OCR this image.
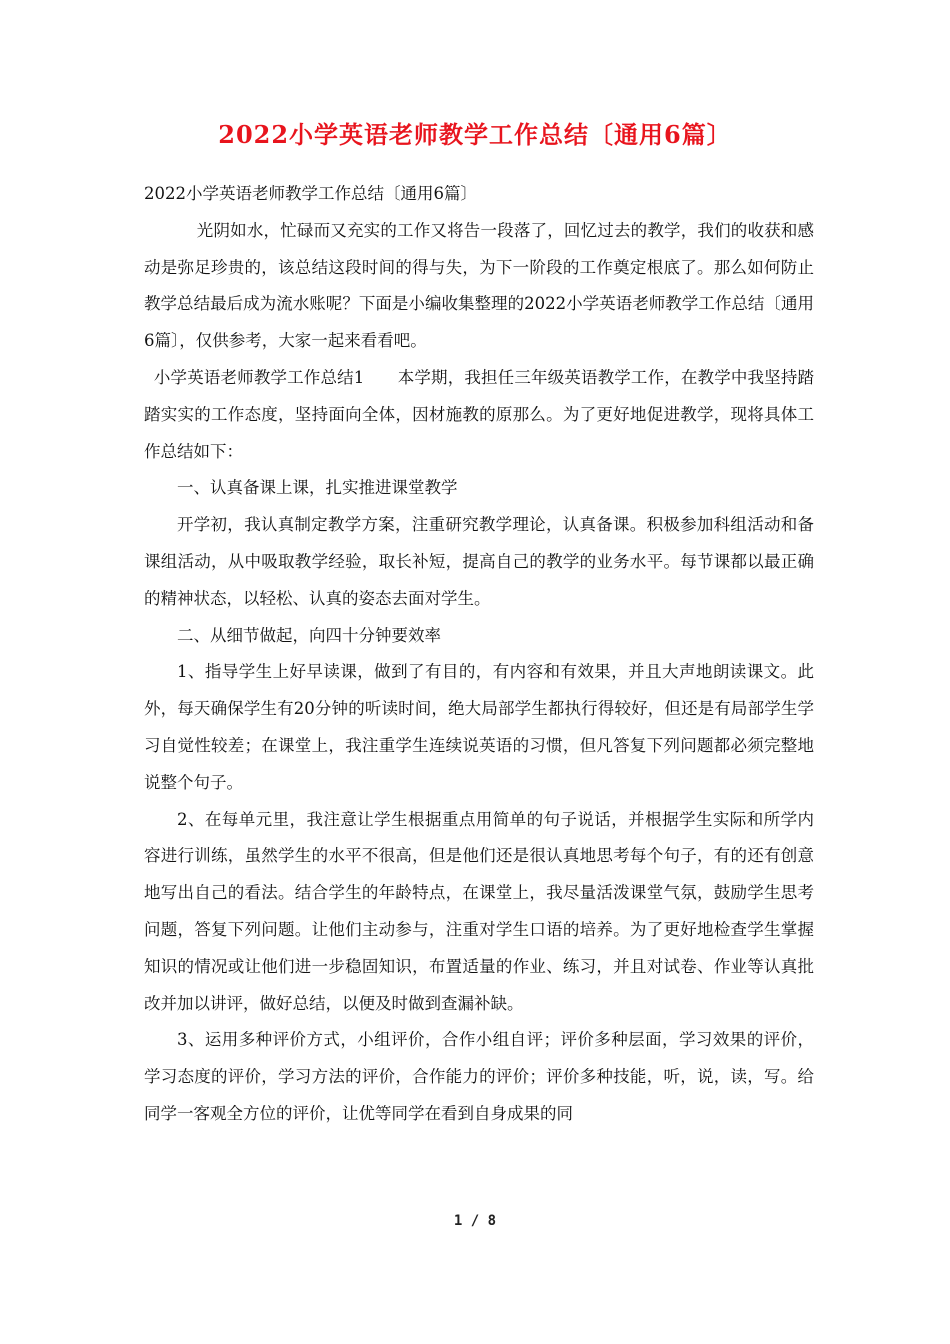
2022小学英语老师教学工作总结〔通用6篇〕

2022小学英语老师教学工作总结〔通用6篇〕

光阴如水，忙碌而又充实的工作又将告一段落了，回忆过去的教学，我们的收获和感动是弥足珍贵的，该总结这段时间的得与失，为下一阶段的工作奠定根底了。那么如何防止教学总结最后成为流水账呢？下面是小编收集整理的2022小学英语老师教学工作总结〔通用6篇〕，仅供参考，大家一起来看看吧。

小学英语老师教学工作总结1　　本学期，我担任三年级英语教学工作，在教学中我坚持踏踏实实的工作态度，坚持面向全体，因材施教的原那么。为了更好地促进教学，现将具体工作总结如下：

一、认真备课上课，扎实推进课堂教学

开学初，我认真制定教学方案，注重研究教学理论，认真备课。积极参加科组活动和备课组活动，从中吸取教学经验，取长补短，提高自己的教学的业务水平。每节课都以最正确的精神状态，以轻松、认真的姿态去面对学生。

二、从细节做起，向四十分钟要效率

1、指导学生上好早读课，做到了有目的，有内容和有效果，并且大声地朗读课文。此外，每天确保学生有20分钟的听读时间，绝大局部学生都执行得较好，但还是有局部学生学习自觉性较差；在课堂上，我注重学生连续说英语的习惯，但凡答复下列问题都必须完整地说整个句子。

2、在每单元里，我注意让学生根据重点用简单的句子说话，并根据学生实际和所学内容进行训练，虽然学生的水平不很高，但是他们还是很认真地思考每个句子，有的还有创意地写出自己的看法。结合学生的年龄特点，在课堂上，我尽量活泼课堂气氛，鼓励学生思考问题，答复下列问题。让他们主动参与，注重对学生口语的培养。为了更好地检查学生掌握知识的情况或让他们进一步稳固知识，布置适量的作业、练习，并且对试卷、作业等认真批改并加以讲评，做好总结，以便及时做到查漏补缺。

3、运用多种评价方式，小组评价，合作小组自评；评价多种层面，学习效果的评价，学习态度的评价，学习方法的评价，合作能力的评价；评价多种技能，听，说，读，写。给同学一客观全方位的评价，让优等同学在看到自身成果的同

1 / 8
